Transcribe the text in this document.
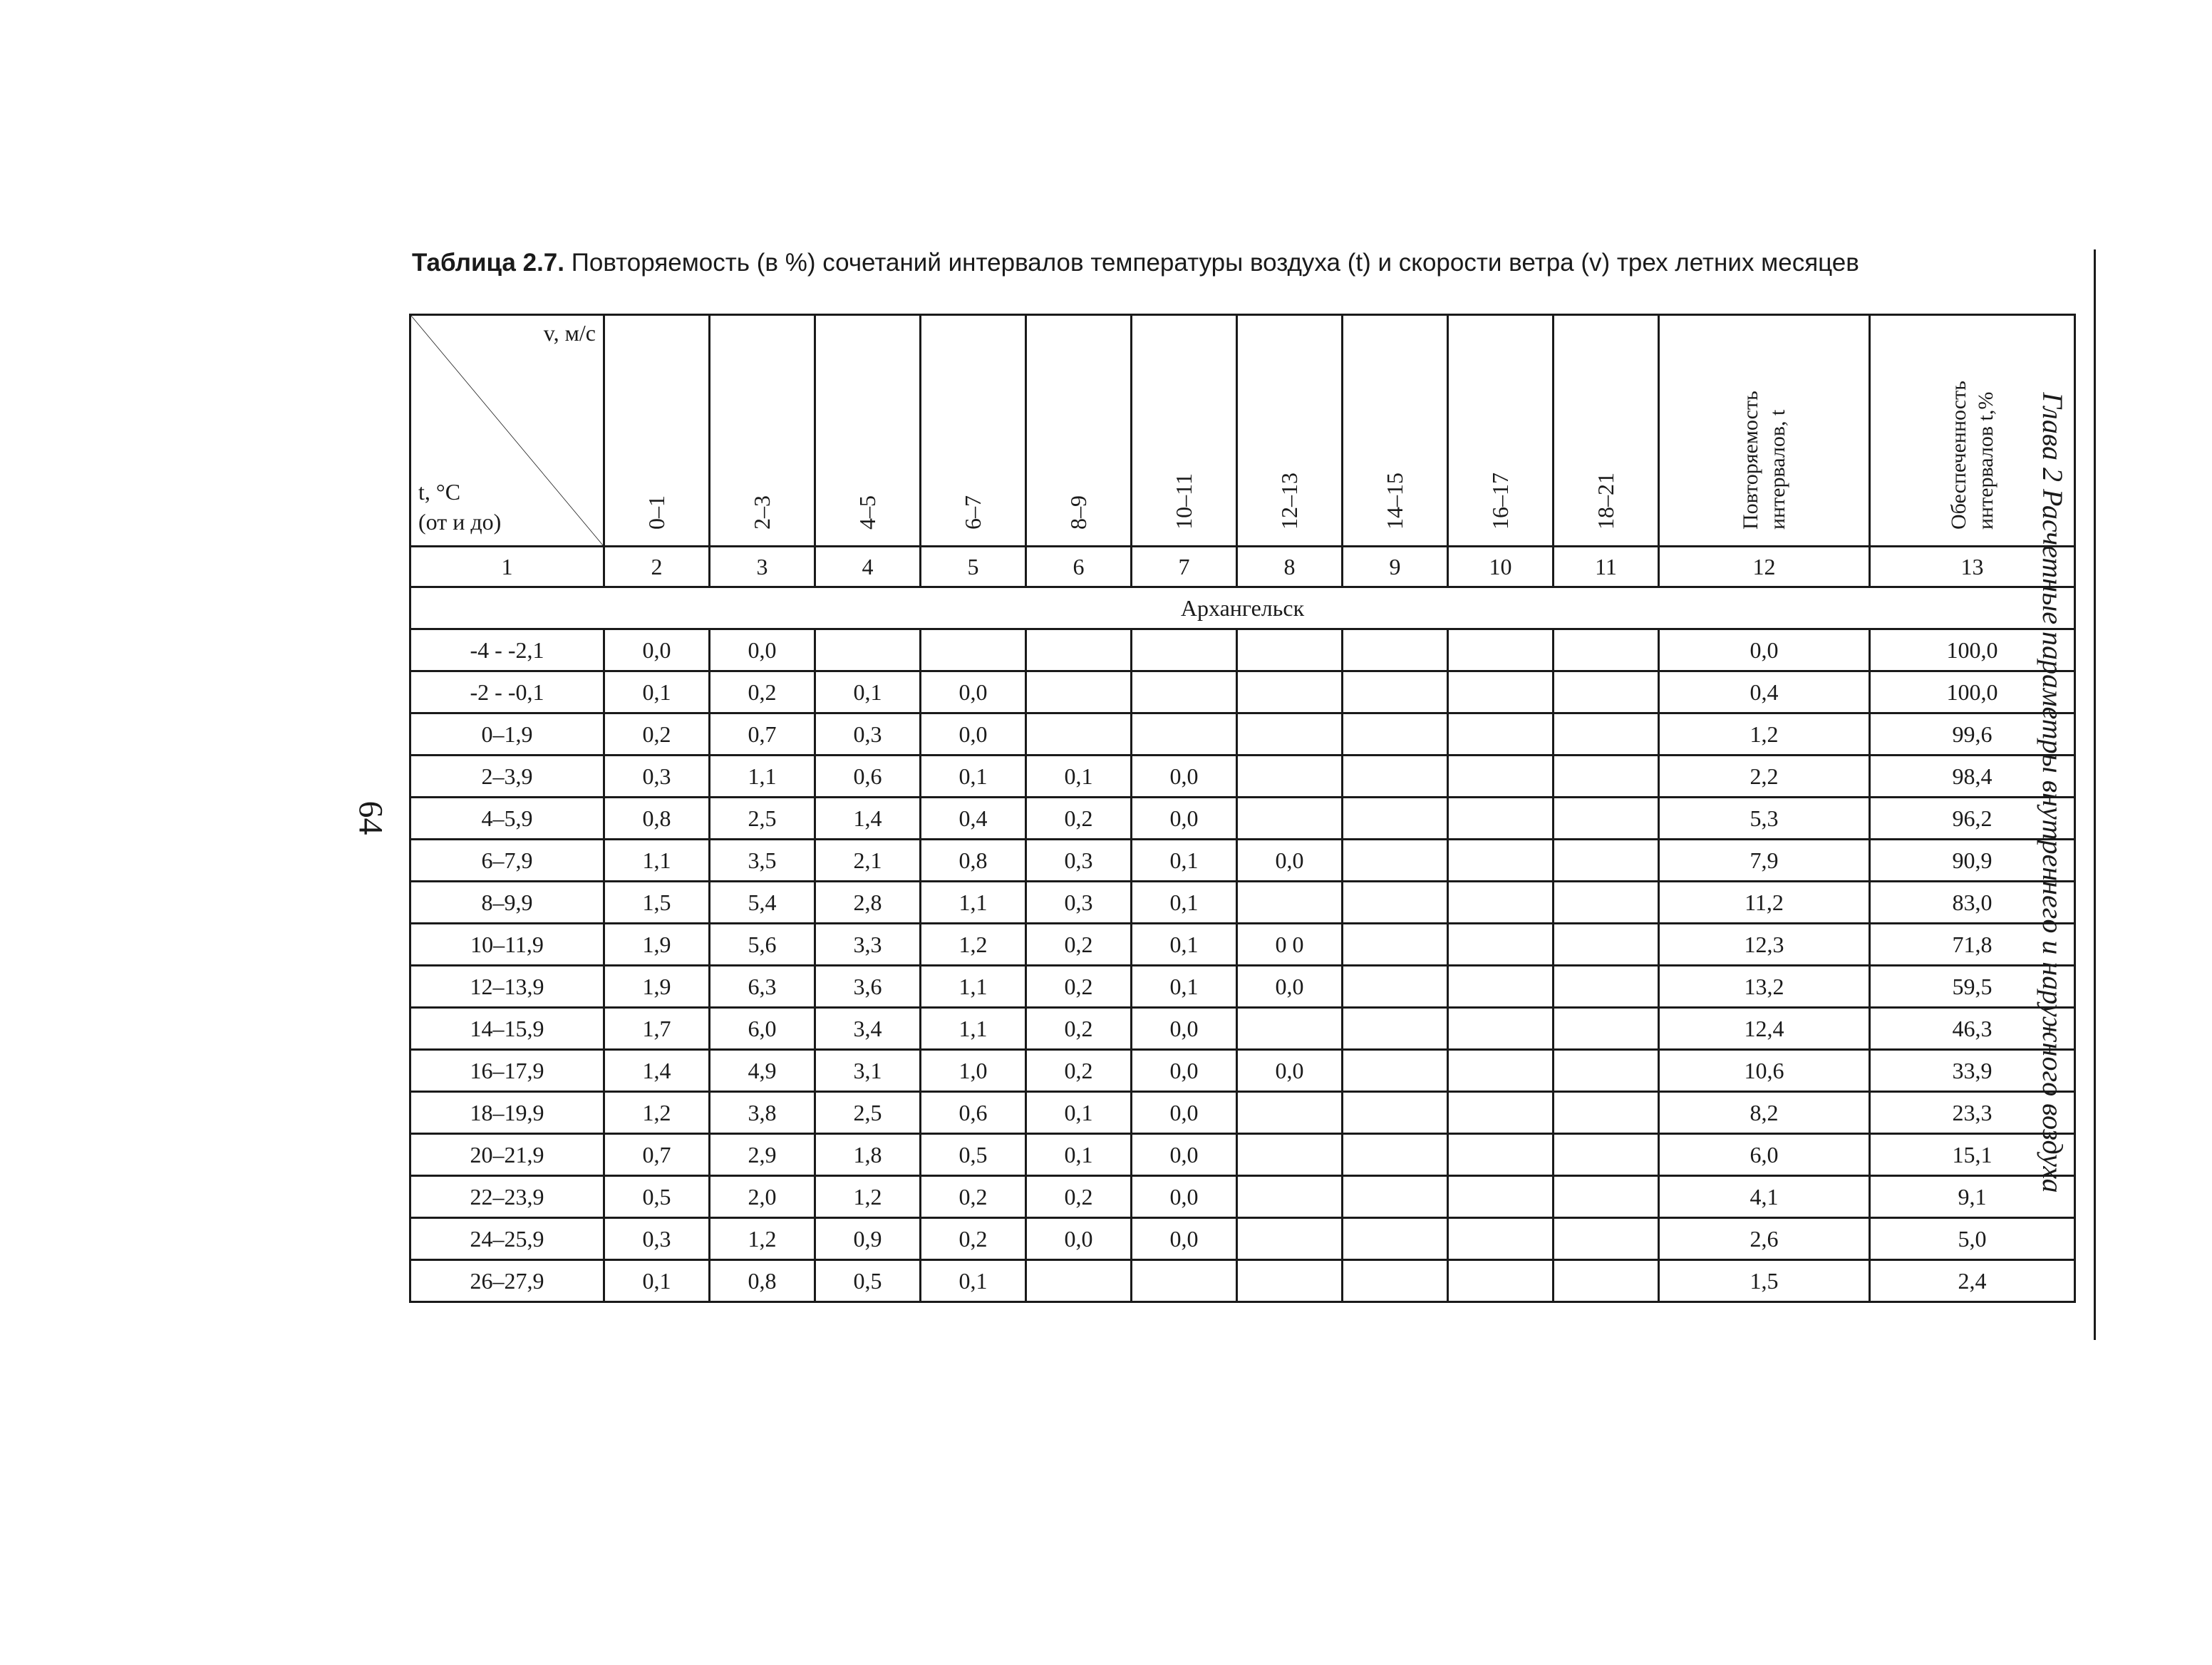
64	Глава 2 Расчетные параметры внутреннего и наружного воздуха
Таблица 2.7. Повторяемость (в %) сочетаний интервалов температуры воздуха (t) и скорости ветра (v) трех летних месяцев
v, м/с
t, °C
(от и до)	0–1	2–3	4–5	6–7	8–9	10–11	12–13	14–15	16–17	18–21	Повторяемость интервалов, t	Обеспеченность интервалов t,%
1	2	3	4	5	6	7	8	9	10	11	12	13
Архангельск												
-4 - -2,1	0,0	0,0									0,0	100,0
-2 - -0,1	0,1	0,2	0,1	0,0							0,4	100,0
0–1,9	0,2	0,7	0,3	0,0							1,2	99,6
2–3,9	0,3	1,1	0,6	0,1	0,1	0,0					2,2	98,4
4–5,9	0,8	2,5	1,4	0,4	0,2	0,0					5,3	96,2
6–7,9	1,1	3,5	2,1	0,8	0,3	0,1	0,0				7,9	90,9
8–9,9	1,5	5,4	2,8	1,1	0,3	0,1					11,2	83,0
10–11,9	1,9	5,6	3,3	1,2	0,2	0,1	0 0				12,3	71,8
12–13,9	1,9	6,3	3,6	1,1	0,2	0,1	0,0				13,2	59,5
14–15,9	1,7	6,0	3,4	1,1	0,2	0,0					12,4	46,3
16–17,9	1,4	4,9	3,1	1,0	0,2	0,0	0,0				10,6	33,9
18–19,9	1,2	3,8	2,5	0,6	0,1	0,0					8,2	23,3
20–21,9	0,7	2,9	1,8	0,5	0,1	0,0					6,0	15,1
22–23,9	0,5	2,0	1,2	0,2	0,2	0,0					4,1	9,1
24–25,9	0,3	1,2	0,9	0,2	0,0	0,0					2,6	5,0
26–27,9	0,1	0,8	0,5	0,1							1,5	2,4
